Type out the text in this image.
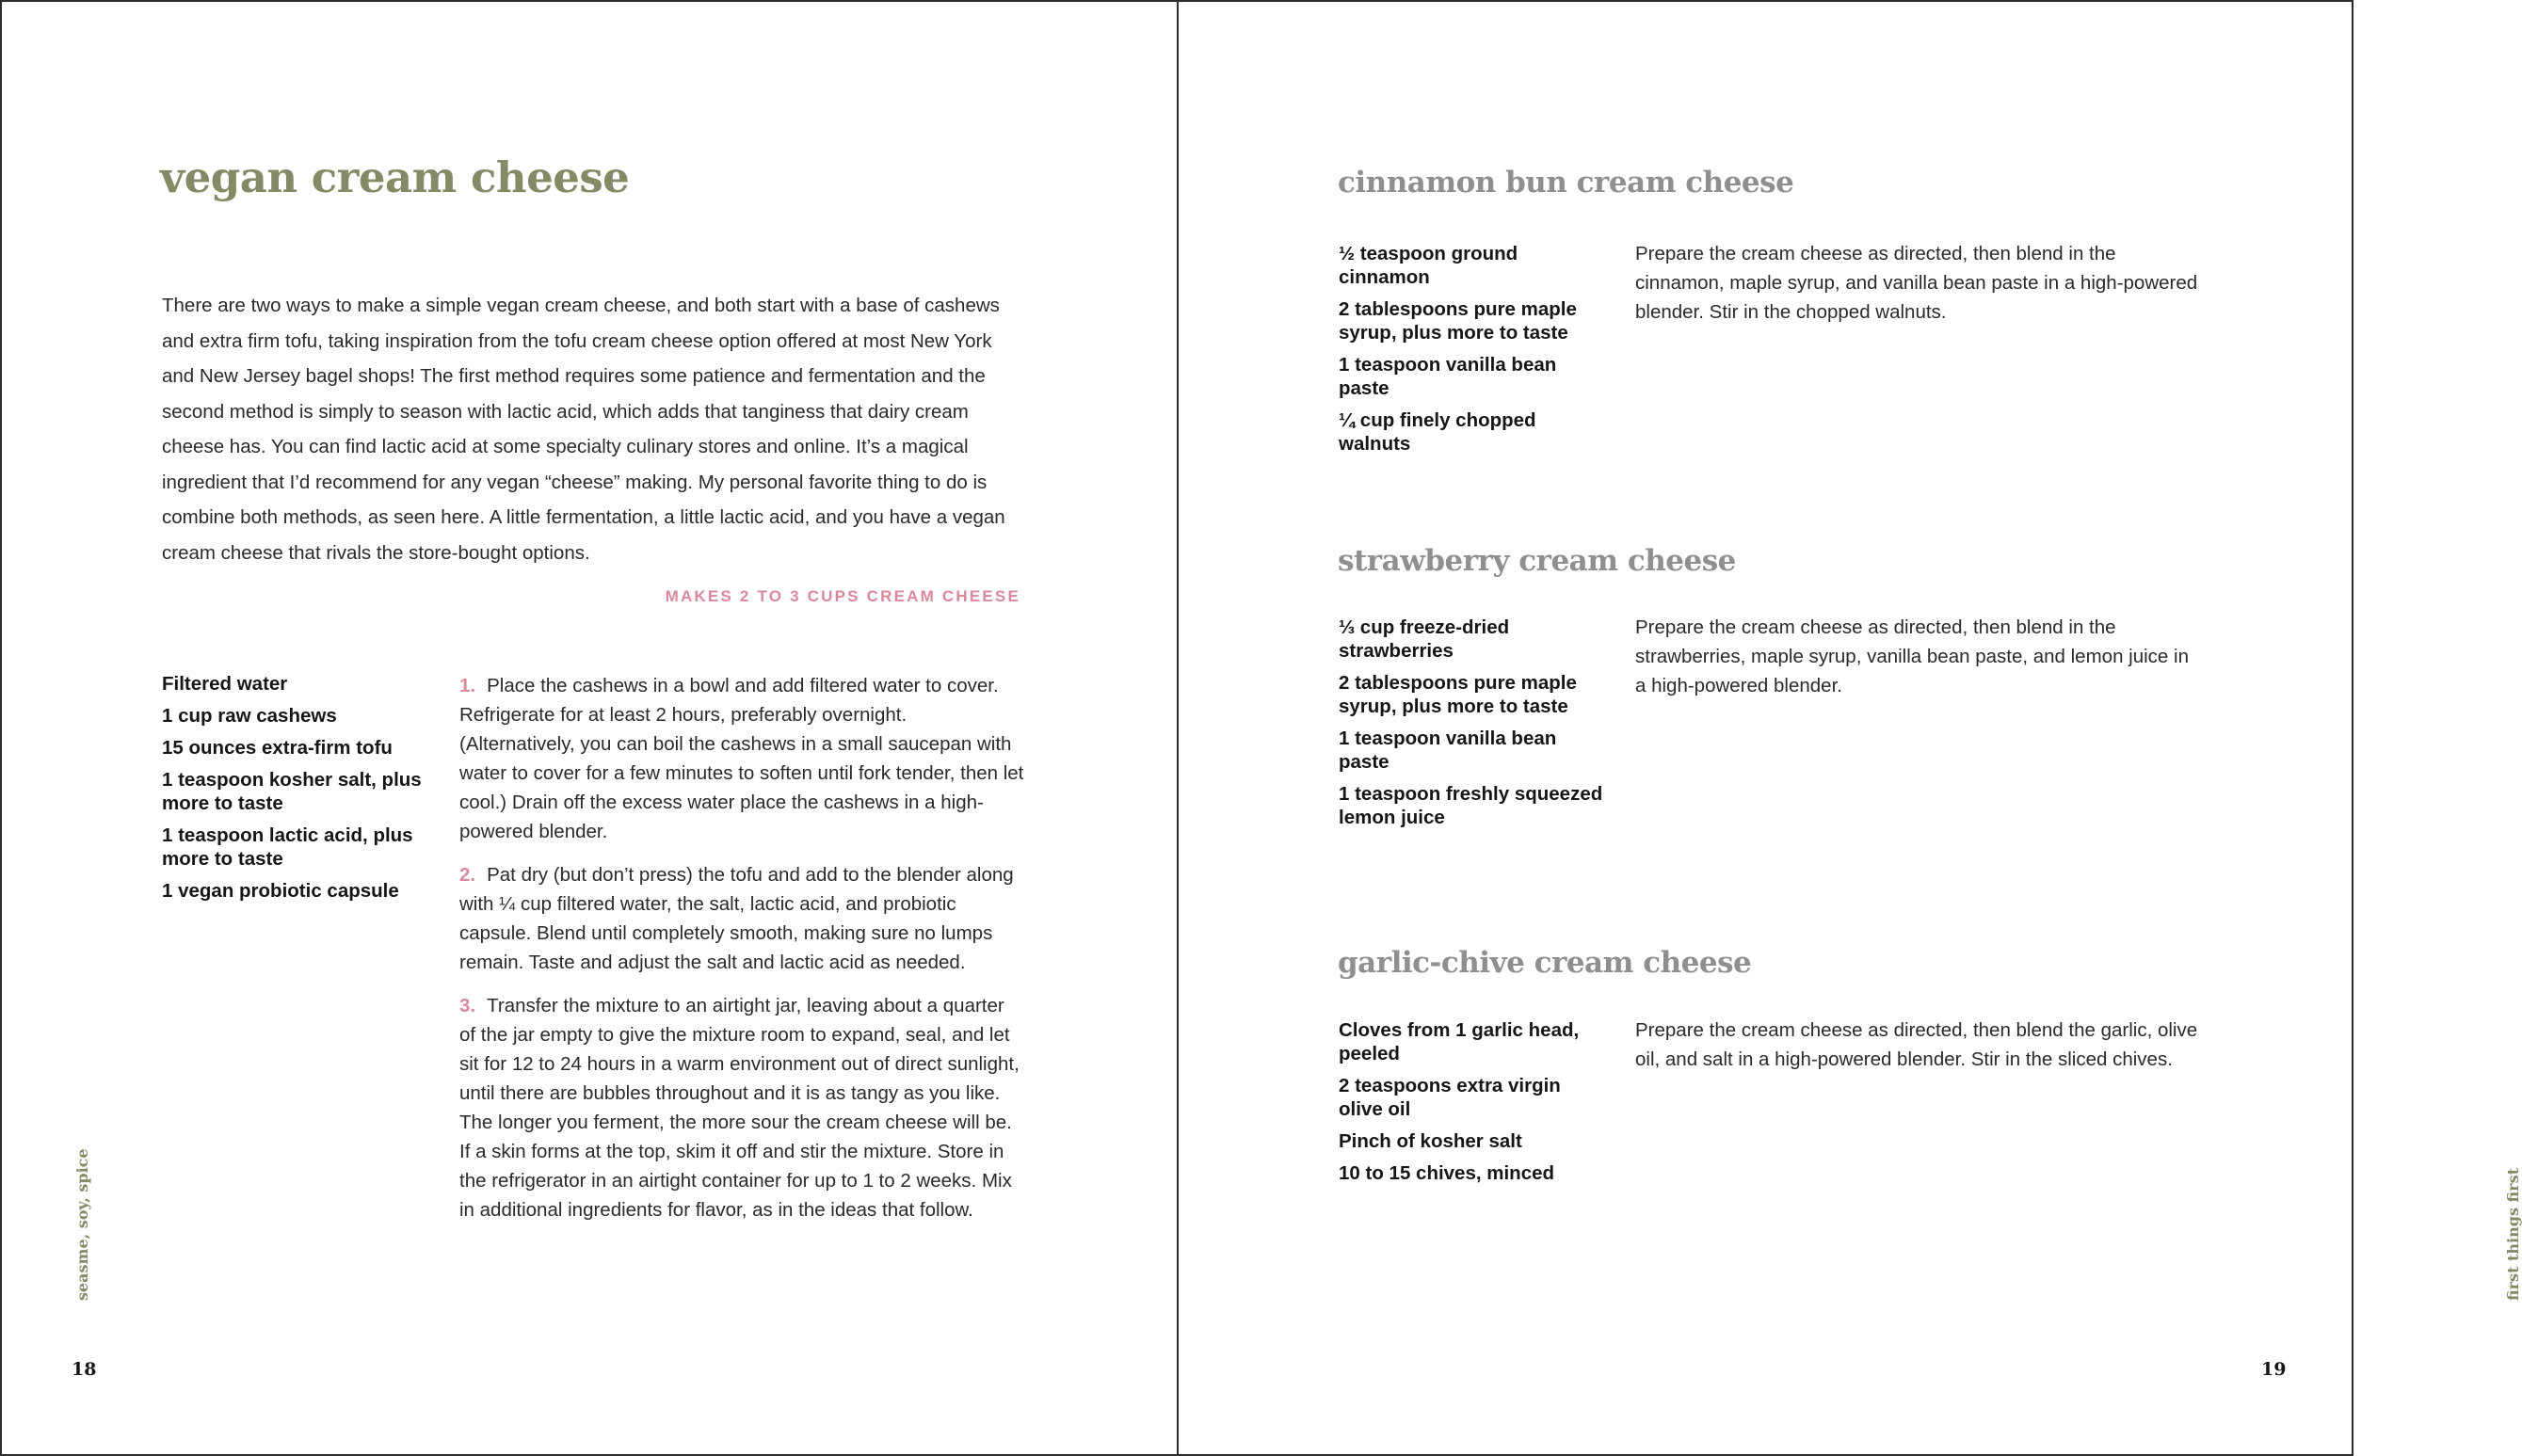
vegan cream cheese

There are two ways to make a simple vegan cream cheese, and both start with a base of cashews and extra firm tofu, taking inspiration from the tofu cream cheese option offered at most New York and New Jersey bagel shops! The first method requires some patience and fermentation and the second method is simply to season with lactic acid, which adds that tanginess that dairy cream cheese has. You can find lactic acid at some specialty culinary stores and online. It’s a magical ingredient that I’d recommend for any vegan “cheese” making. My personal favorite thing to do is combine both methods, as seen here. A little fermentation, a little lactic acid, and you have a vegan cream cheese that rivals the store-bought options.

MAKES 2 TO 3 CUPS CREAM CHEESE

Filtered water
1 cup raw cashews
15 ounces extra-firm tofu
1 teaspoon kosher salt, plus more to taste
1 teaspoon lactic acid, plus more to taste
1 vegan probiotic capsule
1. Place the cashews in a bowl and add filtered water to cover. Refrigerate for at least 2 hours, preferably overnight. (Alternatively, you can boil the cashews in a small saucepan with water to cover for a few minutes to soften until fork tender, then let cool.) Drain off the excess water place the cashews in a high-powered blender.
2. Pat dry (but don’t press) the tofu and add to the blender along with ¼ cup filtered water, the salt, lactic acid, and probiotic capsule. Blend until completely smooth, making sure no lumps remain. Taste and adjust the salt and lactic acid as needed.
3. Transfer the mixture to an airtight jar, leaving about a quarter of the jar empty to give the mixture room to expand, seal, and let sit for 12 to 24 hours in a warm environment out of direct sunlight, until there are bubbles throughout and it is as tangy as you like. The longer you ferment, the more sour the cream cheese will be. If a skin forms at the top, skim it off and stir the mixture. Store in the refrigerator in an airtight container for up to 1 to 2 weeks. Mix in additional ingredients for flavor, as in the ideas that follow.
seasme, soy, spice

18

cinnamon bun cream cheese
½ teaspoon ground cinnamon
2 tablespoons pure maple syrup, plus more to taste
1 teaspoon vanilla bean paste
¼ cup finely chopped walnuts

Prepare the cream cheese as directed, then blend in the cinnamon, maple syrup, and vanilla bean paste in a high-powered blender. Stir in the chopped walnuts.

strawberry cream cheese
⅓ cup freeze-dried strawberries
2 tablespoons pure maple syrup, plus more to taste
1 teaspoon vanilla bean paste
1 teaspoon freshly squeezed lemon juice

Prepare the cream cheese as directed, then blend in the strawberries, maple syrup, vanilla bean paste, and lemon juice in a high-powered blender.

garlic-chive cream cheese
Cloves from 1 garlic head, peeled
2 teaspoons extra virgin olive oil
Pinch of kosher salt
10 to 15 chives, minced

Prepare the cream cheese as directed, then blend the garlic, olive oil, and salt in a high-powered blender. Stir in the sliced chives.

first things first

19
